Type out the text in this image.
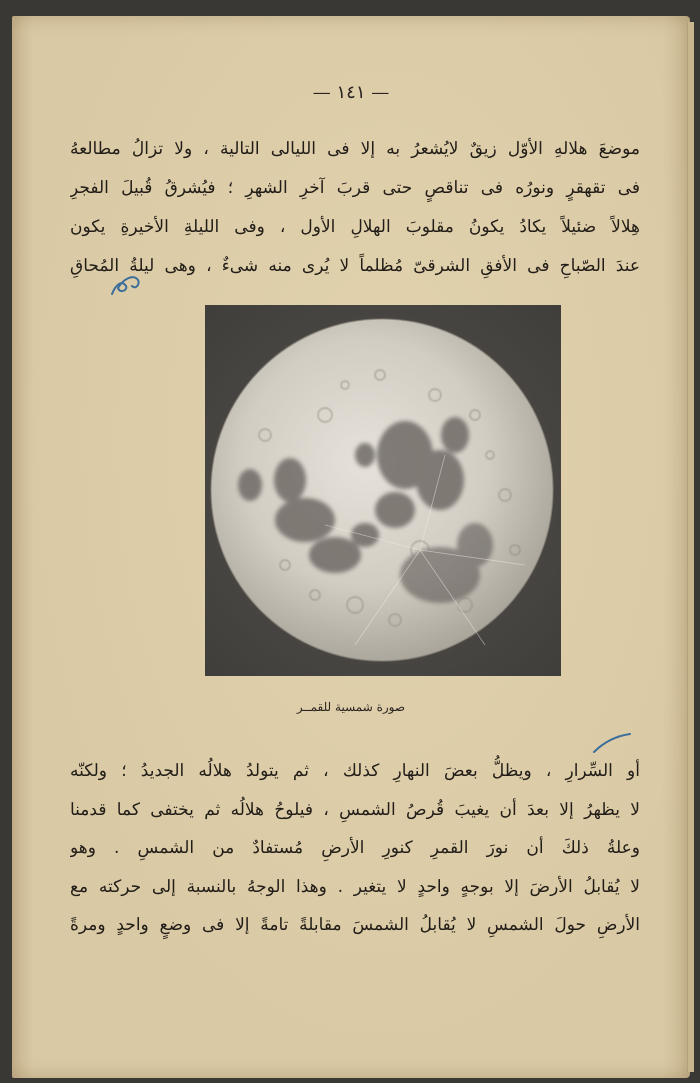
— ١٤١ —
موضعَ هلالهِ الأوّل زيقٌ لايُشعرُ به إلا فى الليالى التالية ، ولا تزالُ مطالعهُ
فى تقهقرٍ ونورُه فى تناقصٍ حتى قربَ آخرِ الشهرِ ؛ فيُشرقُ قُبيلَ الفجرِ
هِلالاً ضئيلاً يكادُ يكونُ مقلوبَ الهلالِ الأول ، وفى الليلةِ الأخيرةِ يكون
عندَ الصّباحِ فى الأفقِ الشرقىّ مُظلماً لا يُرى منه شىءٌ ، وهى ليلةُ المُحاقِ
صورة شمسية للقمــر
أو السِّرارِ ، ويظلُّ بعضَ النهارِ كذلك ، ثم يتولدُ هلالُه الجديدُ ؛ ولكنّه
لا يظهرُ إلا بعدَ أن يغيبَ قُرصُ الشمسِ ، فيلوحُ هلالُه ثم يختفى كما قدمنا
وعلةُ ذلكَ أن نورَ القمرِ كنورِ الأرضِ مُستفادٌ من الشمسِ . وهو
لا يُقابلُ الأرضَ إلا بوجهٍ واحدٍ لا يتغير . وهذا الوجهُ بالنسبة إلى حركته مع
الأرضِ حولَ الشمسِ لا يُقابلُ الشمسَ مقابلةً تامةً إلا فى وضعٍ واحدٍ ومرةً
